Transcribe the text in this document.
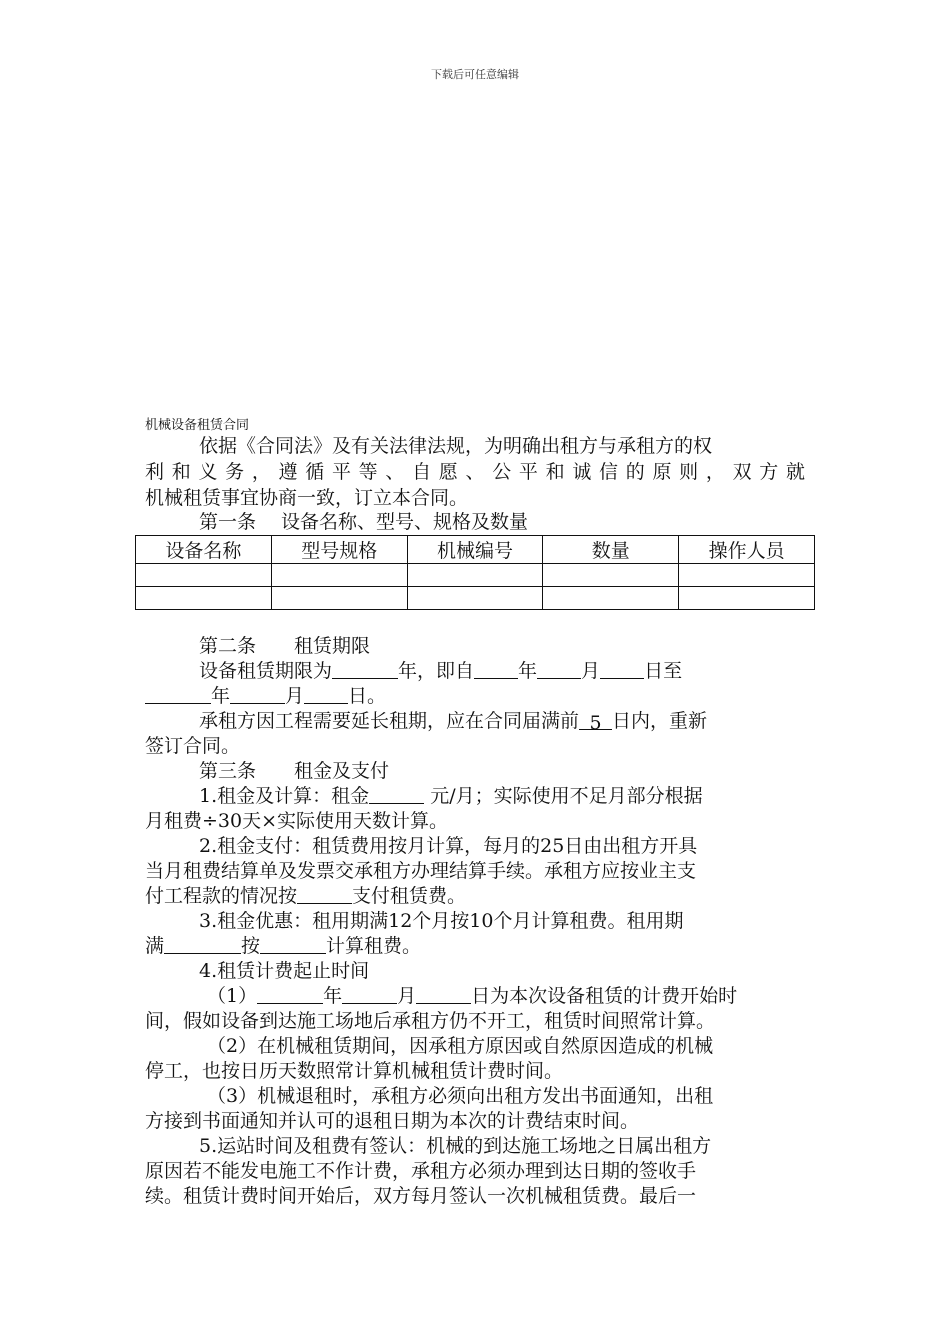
下载后可任意编辑
机械设备租赁合同
依据《合同法》及有关法律法规，为明确出租方与承租方的权
利和义务，遵循平等、自愿、公平和诚信的原则，双方就
机械租赁事宜协商一致，订立本合同。
第一条　 设备名称、型号、规格及数量
设备名称	型号规格	机械编号	数量	操作人员

第二条　　租赁期限
设备租赁期限为	年，即自 年 月 日至
年	月 日。
承租方因工程需要延长租期，应在合同届满前 5 日内，重新
签订合同。
第三条　　租金及支付
1.租金及计算：租金	元/月；实际使用不足月部分根据
月租费÷30天×实际使用天数计算。
2.租金支付：租赁费用按月计算，每月的25日由出租方开具
当月租费结算单及发票交承租方办理结算手续。承租方应按业主支
付工程款的情况按	支付租赁费。
3.租金优惠：租用期满12个月按10个月计算租费。租用期
满	按	计算租费。
4.租赁计费起止时间
（1）	年	月	日为本次设备租赁的计费开始时
间，假如设备到达施工场地后承租方仍不开工，租赁时间照常计算。
（2）在机械租赁期间，因承租方原因或自然原因造成的机械
停工，也按日历天数照常计算机械租赁计费时间。
（3）机械退租时，承租方必须向出租方发出书面通知，出租
方接到书面通知并认可的退租日期为本次的计费结束时间。
5.运站时间及租费有签认：机械的到达施工场地之日属出租方
原因若不能发电施工不作计费，承租方必须办理到达日期的签收手
续。租赁计费时间开始后，双方每月签认一次机械租赁费。最后一
